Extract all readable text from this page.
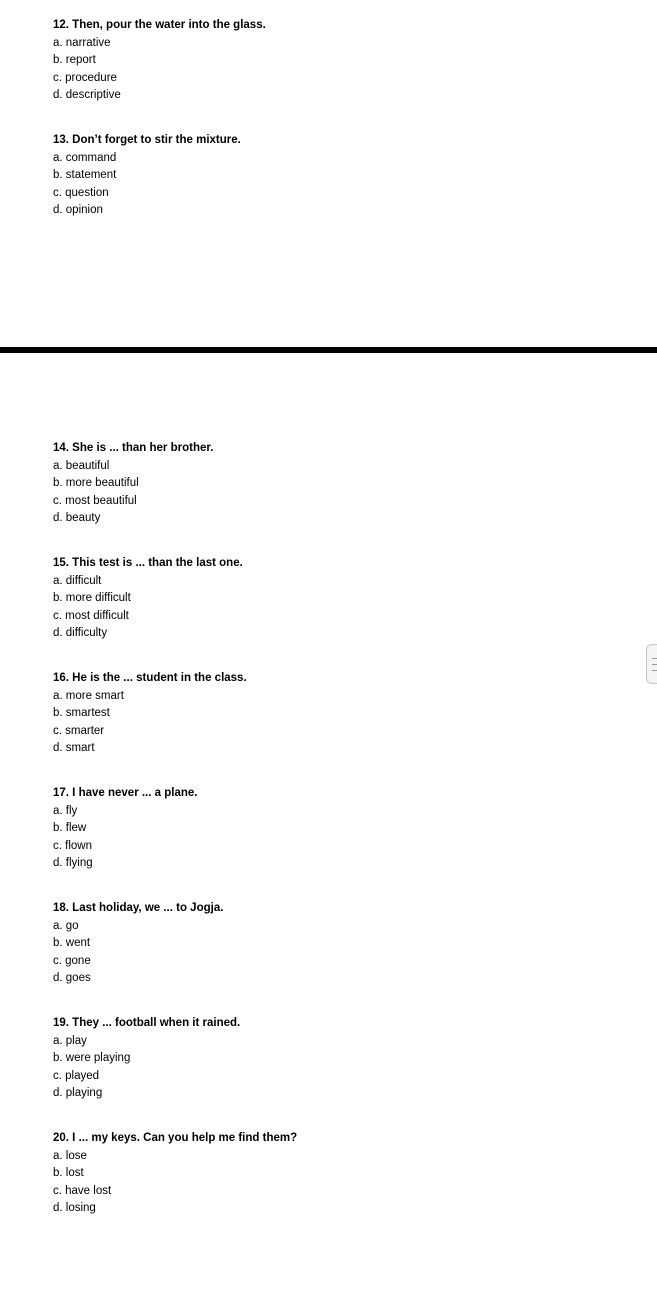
12. Then, pour the water into the glass.
a. narrative
b. report
c. procedure
d. descriptive
13. Don’t forget to stir the mixture.
a. command
b. statement
c. question
d. opinion
14. She is ... than her brother.
a. beautiful
b. more beautiful
c. most beautiful
d. beauty
15. This test is ... than the last one.
a. difficult
b. more difficult
c. most difficult
d. difficulty
16. He is the ... student in the class.
a. more smart
b. smartest
c. smarter
d. smart
17. I have never ... a plane.
a. fly
b. flew
c. flown
d. flying
18. Last holiday, we ... to Jogja.
a. go
b. went
c. gone
d. goes
19. They ... football when it rained.
a. play
b. were playing
c. played
d. playing
20. I ... my keys. Can you help me find them?
a. lose
b. lost
c. have lost
d. losing
